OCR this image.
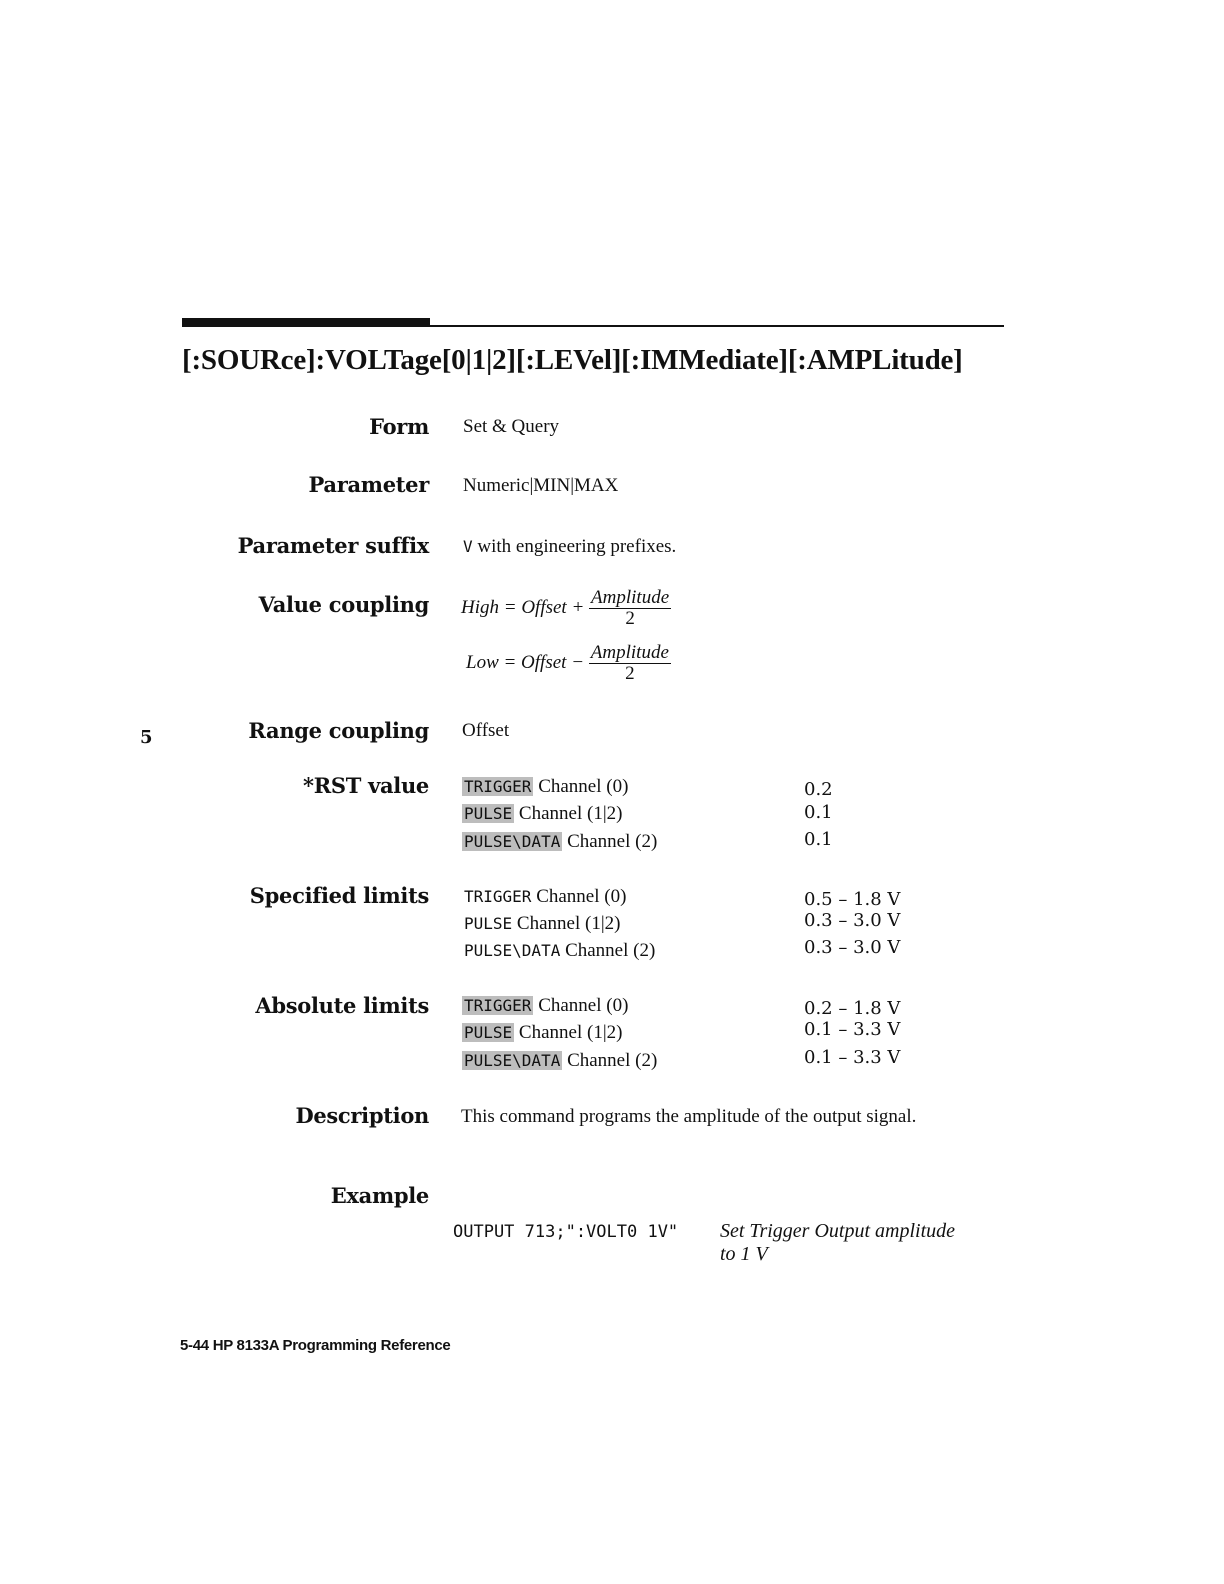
[:SOURce]:VOLTage[0|1|2][:LEVel][:IMMediate][:AMPLitude]
5
Form Set & Query
Parameter Numeric|MIN|MAX
Parameter suffix V with engineering prefixes.
Value coupling High = Offset + $\frac{\text{Amplitude}}{2}$
Low = Offset − $\frac{\text{Amplitude}}{2}$
Range coupling Offset
*RST value TRIGGER Channel (0)	0.2
PULSE Channel (1|2)	0.1
PULSE\DATA Channel (2)	0.1
Specified limits TRIGGER Channel (0)	0.5 – 1.8 V
PULSE Channel (1|2)	0.3 – 3.0 V
PULSE\DATA Channel (2)	0.3 – 3.0 V
Absolute limits TRIGGER Channel (0)	0.2 – 1.8 V
PULSE Channel (1|2)	0.1 – 3.3 V
PULSE\DATA Channel (2)	0.1 – 3.3 V
Description This command programs the amplitude of the output signal.
Example
OUTPUT 713;":VOLT0 1V" Set Trigger Output amplitude
to 1 V
5-44 HP 8133A Programming Reference
